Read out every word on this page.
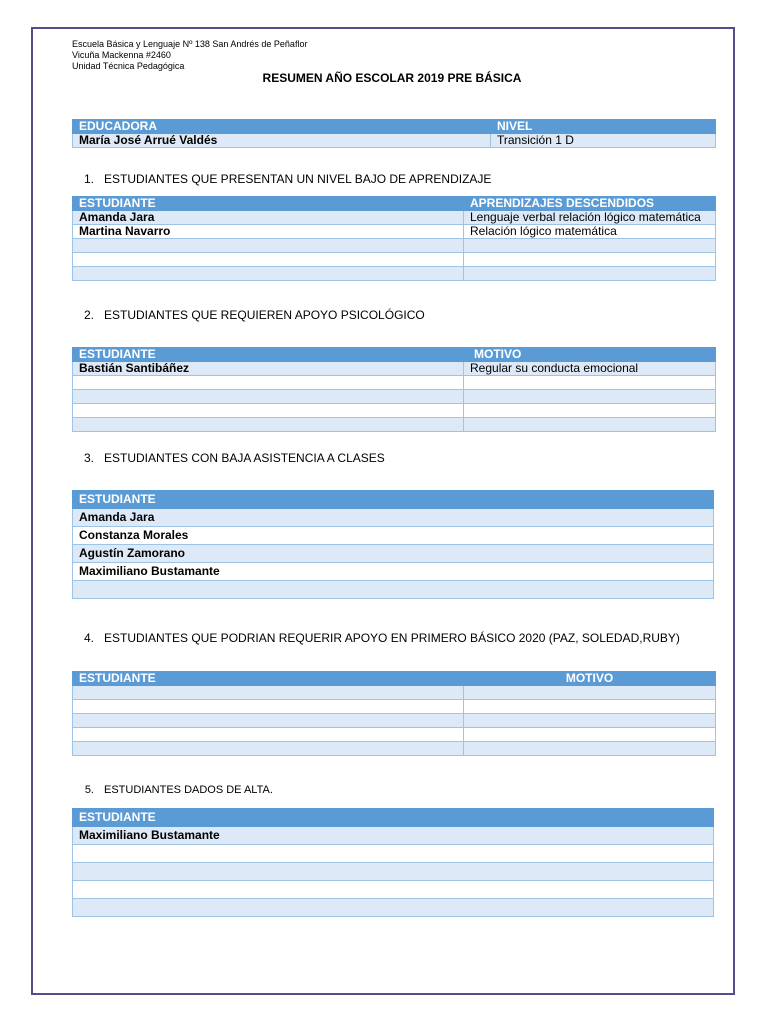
Escuela Básica y Lenguaje Nº 138 San Andrés de Peñaflor
Vicuña Mackenna #2460
Unidad Técnica Pedagógica
RESUMEN AÑO ESCOLAR 2019 PRE BÁSICA
EDUCADORA	NIVEL
María José Arrué Valdés	Transición 1 D
1. ESTUDIANTES QUE PRESENTAN UN NIVEL BAJO DE APRENDIZAJE
ESTUDIANTE	APRENDIZAJES DESCENDIDOS
Amanda Jara	Lenguaje verbal relación lógico matemática
Martina Navarro	Relación lógico matemática

2. ESTUDIANTES QUE REQUIEREN APOYO PSICOLÓGICO
ESTUDIANTE	MOTIVO
Bastián Santibáñez	Regular su conducta emocional

3. ESTUDIANTES CON BAJA ASISTENCIA A CLASES
ESTUDIANTE
Amanda Jara
Constanza Morales
Agustín Zamorano
Maximiliano Bustamante

4. ESTUDIANTES QUE PODRIAN REQUERIR APOYO EN PRIMERO BÁSICO 2020 (PAZ, SOLEDAD,RUBY)
ESTUDIANTE	MOTIVO

5. ESTUDIANTES DADOS DE ALTA.
ESTUDIANTE
Maximiliano Bustamante
